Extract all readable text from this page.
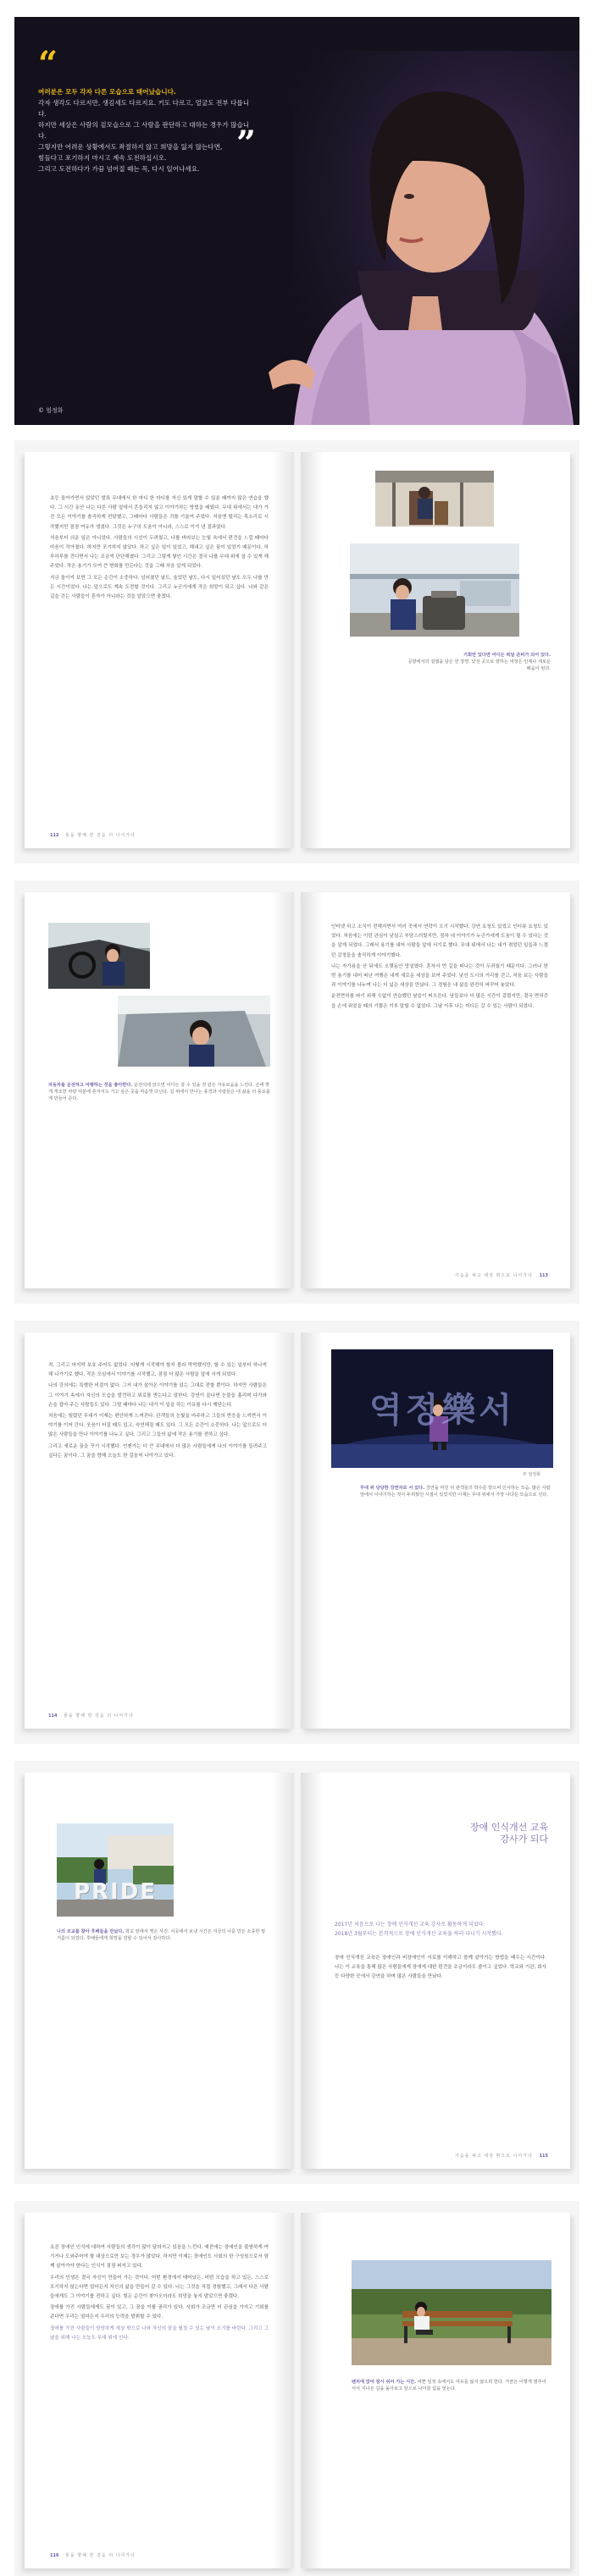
“
여러분은 모두 각자 다른 모습으로 태어났습니다.
각자 생각도 다르지만, 생김새도 다르지요. 키도 다르고, 얼굴도 전부 다릅니다.
하지만 세상은 사람의 겉모습으로 그 사람을 판단하고 대하는 경우가 많습니다.
그렇지만 어려운 상황에서도 좌절하지 않고 희망을 잃지 않는다면,
힘들다고 포기하지 마시고 계속 도전하십시오.
그리고 도전하다가 가끔 넘어질 때는 꼭, 다시 일어나세요.
”
© 엄정화

초등 돌아가면서 앉았던 발표 무대에서 한 마디 한 마디를 자신 있게 말할 수 있을 때까지 많은 연습을 했다. 그 시간 동안 나는 다른 사람 앞에서 흔들리지 않고 이야기하는 방법을 배웠다. 무대 위에서는 내가 가진 모든 이야기를 솔직하게 전달했고, 그때마다 사람들은 귀를 기울여 주었다. 처음엔 떨리는 목소리로 시작했지만 점점 여유가 생겼다. 그것은 누구의 도움이 아니라, 스스로 이겨 낸 결과였다.

처음부터 쉬운 일은 아니었다. 사람들의 시선이 두려웠고, 나를 바라보는 눈빛 속에서 편견을 느낄 때마다 마음이 작아졌다. 하지만 포기하지 않았다. 하고 싶은 일이 있었고, 해내고 싶은 꿈이 있었기 때문이다. 하루하루를 견디면서 나는 조금씩 단단해졌다. 그리고 그렇게 쌓인 시간은 결국 나를 무대 위에 설 수 있게 해 주었다. 작은 용기가 모여 큰 변화를 만든다는 것을 그때 처음 알게 되었다.

지금 돌이켜 보면 그 모든 순간이 소중하다. 넘어졌던 날도, 울었던 날도, 다시 일어섰던 날도 모두 나를 만든 시간이었다. 나는 앞으로도 계속 도전할 것이다. 그리고 누군가에게 작은 희망이 되고 싶다. 나와 같은 길을 걷는 사람들이 혼자가 아니라는 것을 알았으면 좋겠다.

112 꿈을 향해 한 걸음 더 나아가다
기회만 있다면 어디든 떠날 준비가 되어 있다.
공항에서의 설렘을 담은 한 장면. 낯선 곳으로 향하는 여정은 언제나 새로운 배움이 된다.
자동차를 운전하고 여행하는 것을 좋아한다. 운전석에 앉으면 어디든 갈 수 있을 것 같은 자유로움을 느낀다. 손에 맞게 개조한 차량 덕분에 혼자서도 가고 싶은 곳을 마음껏 다닌다. 길 위에서 만나는 풍경과 사람들은 내 삶을 더 풍요롭게 만들어 준다.

인터넷 하고 소식이 전해지면서 여러 곳에서 연락이 오기 시작했다. 강연 요청도 있었고 인터뷰 요청도 있었다. 처음에는 이런 관심이 낯설고 부담스러웠지만, 점차 내 이야기가 누군가에게 도움이 될 수 있다는 것을 알게 되었다. 그래서 용기를 내어 사람들 앞에 서기로 했다. 무대 위에서 나는 내가 겪었던 일들과 느꼈던 감정들을 솔직하게 이야기했다.

나는 자가용을 산 뒤에도 오랫동안 망설였다. 혼자서 먼 길을 떠나는 것이 두려웠기 때문이다. 그러나 한 번 용기를 내어 떠난 여행은 내게 새로운 세상을 보여 주었다. 낯선 도시의 거리를 걷고, 처음 보는 사람들과 이야기를 나누며 나는 더 넓은 세상을 만났다. 그 경험은 내 삶을 완전히 바꾸어 놓았다.

운전면허를 따기 위해 수없이 연습했던 날들이 떠오른다. 남들보다 더 많은 시간이 걸렸지만, 결국 면허증을 손에 쥐었을 때의 기쁨은 이루 말할 수 없었다. 그날 이후 나는 어디든 갈 수 있는 사람이 되었다.

가슴을 펴고 세상 밖으로 나아가다 113

적, 그리고 마지막 보호 주어도 없었다. 어떻게 시작해야 할지 몰라 막막했지만, 할 수 있는 일부터 하나씩 해 나가기로 했다. 작은 모임에서 이야기를 시작했고, 점점 더 많은 사람들 앞에 서게 되었다.

나의 강의에는 특별한 비결이 없다. 그저 내가 살아온 이야기를 있는 그대로 전할 뿐이다. 하지만 사람들은 그 이야기 속에서 자신의 모습을 발견하고 위로를 받는다고 말한다. 강연이 끝나면 눈물을 흘리며 다가와 손을 잡아 주는 사람들도 있다. 그럴 때마다 나는 내가 이 일을 하는 이유를 다시 깨닫는다.

처음에는 떨렸던 무대가 이제는 편안하게 느껴진다. 관객들의 눈빛을 마주하고 그들의 반응을 느끼면서 이야기를 이어 간다. 웃음이 터질 때도 있고, 숙연해질 때도 있다. 그 모든 순간이 소중하다. 나는 앞으로도 더 많은 사람들을 만나 이야기를 나누고 싶다. 그리고 그들의 삶에 작은 용기를 전하고 싶다.

그리고 새로운 꿈을 꾸기 시작했다. 언젠가는 더 큰 무대에서 더 많은 사람들에게 나의 이야기를 들려주고 싶다는 꿈이다. 그 꿈을 향해 오늘도 한 걸음씩 나아가고 있다.

114 꿈을 향해 한 걸음 더 나아가다
역정樂서
© 엄정화
무대 위 당당한 강연자로 서 있다. 강연을 마친 뒤 관객들의 박수를 받으며 인사하는 모습. 많은 사람 앞에서 이야기하는 것이 두려웠던 시절이 있었지만 이제는 무대 위에서 가장 나다운 모습으로 선다.
PRIDE
나의 모교를 찾아 후배들을 만났다. 학교 앞에서 찍은 사진. 이곳에서 보낸 시간은 지금의 나를 만든 소중한 밑거름이 되었다. 후배들에게 희망을 전할 수 있어서 감사하다.
장애 인식개선 교육
강사가 되다
2017년 처음으로 나는 장애 인식개선 교육 강사로 활동하게 되었다.
2018년 3월부터는 본격적으로 장애 인식개선 교육을 하러 다니기 시작했다.

장애 인식개선 교육은 장애인과 비장애인이 서로를 이해하고 함께 살아가는 방법을 배우는 시간이다. 나는 이 교육을 통해 많은 사람들에게 장애에 대한 편견을 조금이라도 줄이고 싶었다. 학교와 기관, 회사 등 다양한 곳에서 강연을 하며 많은 사람들을 만났다.

가슴을 펴고 세상 밖으로 나아가다 115

요즘 장애인 인식에 대하여 사람들의 생각이 많이 달라지고 있음을 느낀다. 예전에는 장애인을 불쌍하게 여기거나 도와주어야 할 대상으로만 보는 경우가 많았다. 하지만 이제는 장애인도 사회의 한 구성원으로서 함께 살아가야 한다는 인식이 점점 퍼지고 있다.

우리의 인생은 결국 자신이 만들어 가는 것이다. 어떤 환경에서 태어났든, 어떤 모습을 하고 있든, 스스로 포기하지 않는다면 얼마든지 자신의 삶을 만들어 갈 수 있다. 나는 그것을 직접 경험했고, 그래서 다른 사람들에게도 그 이야기를 전하고 싶다. 힘든 순간이 찾아오더라도 희망을 놓지 말았으면 좋겠다.

장애를 가진 사람들에게도 꿈이 있고, 그 꿈을 이룰 권리가 있다. 사회가 조금만 더 관심을 가지고 기회를 준다면 우리는 얼마든지 우리의 능력을 발휘할 수 있다.

장애를 가진 사람들이 당당하게 세상 밖으로 나와 자신의 꿈을 펼칠 수 있는 날이 오기를 바란다. 그리고 그날을 위해 나는 오늘도 무대 위에 선다.

116 꿈을 향해 한 걸음 더 나아가다
벤치에 앉아 잠시 쉬어 가는 시간. 바쁜 일정 속에서도 여유를 잃지 않으려 한다. 가끔은 이렇게 멈추어 서서 지나온 길을 돌아보고 앞으로 나아갈 힘을 얻는다.
